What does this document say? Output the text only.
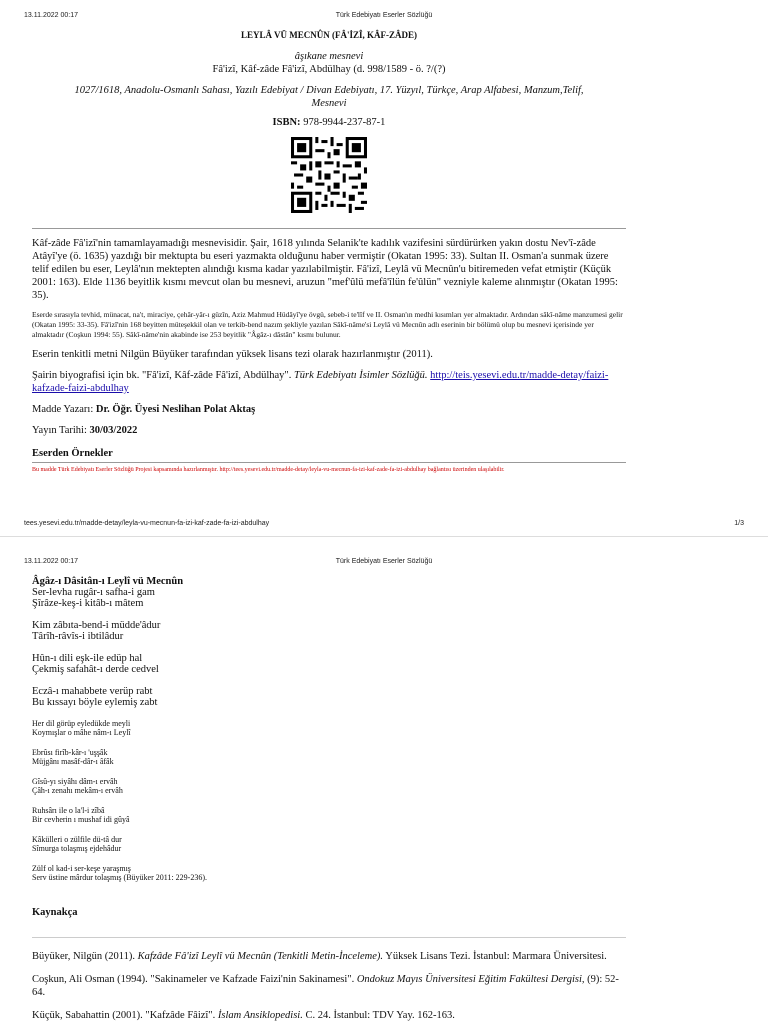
13.11.2022 00:17	Türk Edebiyatı Eserler Sözlüğü
LEYLÂ VÜ MECNÛN (FÂ'İZÎ, KÂF-ZÂDE)
âşıkane mesnevi
Fâ'izî, Kâf-zâde Fâ'izî, Abdülhay (d. 998/1589 - ö. ?/(?)
1027/1618, Anadolu-Osmanlı Sahası, Yazılı Edebiyat / Divan Edebiyatı, 17. Yüzyıl, Türkçe, Arap Alfabesi, Manzum,Telif, Mesnevi
ISBN: 978-9944-237-87-1

Kâf-zâde Fâ'izî'nin tamamlayamadığı mesnevisidir. Şair, 1618 yılında Selanik'te kadılık vazifesini sürdürürken yakın dostu Nev'î-zâde Atâyî'ye (ö. 1635) yazdığı bir mektupta bu eseri yazmakta olduğunu haber vermiştir (Okatan 1995: 33). Sultan II. Osman'a sunmak üzere telif edilen bu eser, Leylâ'nın mektepten alındığı kısma kadar yazılabilmiştir. Fâ'izî, Leylâ vü Mecnûn'u bitiremeden vefat etmiştir (Küçük 2001: 163). Elde 1136 beyitlik kısmı mevcut olan bu mesnevi, aruzun "mef'ûlü mefâ'îlün fe'ûlün" vezniyle kaleme alınmıştır (Okatan 1995: 35).

Eserde sırasıyla tevhid, münacat, na't, miraciye, çehâr-yâr-ı güzîn, Aziz Mahmud Hüdâyî'ye övgü, sebeb-i te'lîf ve II. Osman'ın medhi kısımları yer almaktadır. Ardından sâkî-nâme manzumesi gelir (Okatan 1995: 33-35). Fâ'izî'nin 168 beyitten müteşekkil olan ve terkib-bend nazım şekliyle yazılan Sâkî-nâme'si Leylâ vü Mecnûn adlı eserinin bir bölümü olup bu mesnevi içerisinde yer almaktadır (Coşkun 1994: 55). Sâkî-nâme'nin akabinde ise 253 beyitlik "Âgâz-ı dâstân" kısmı bulunur.

Eserin tenkitli metni Nilgün Büyüker tarafından yüksek lisans tezi olarak hazırlanmıştır (2011).

Şairin biyografisi için bk. "Fâ'izî, Kâf-zâde Fâ'izî, Abdülhay". Türk Edebiyatı İsimler Sözlüğü. http://teis.yesevi.edu.tr/madde-detay/faizi-kafzade-faizi-abdulhay

Madde Yazarı: Dr. Öğr. Üyesi Neslihan Polat Aktaş

Yayın Tarihi: 30/03/2022

Eserden Örnekler

Bu madde Türk Edebiyatı Eserler Sözlüğü Projesi kapsamında hazırlanmıştır. http://tees.yesevi.edu.tr/madde-detay/leyla-vu-mecnun-fa-izi-kaf-zade-fa-izi-abdulhay bağlantısı üzerinden ulaşılabilir.

tees.yesevi.edu.tr/madde-detay/leyla-vu-mecnun-fa-izi-kaf-zade-fa-izi-abdulhay	1/3
13.11.2022 00:17	Türk Edebiyatı Eserler Sözlüğü
Âgâz-ı Dâsitân-ı Leylî vü Mecnûn
Ser-levha rugâr-ı safha-i gam
Şîrâze-keş-i kitâb-ı mâtem
Kim zâbıta-bend-i müdde'âdur
Târîh-râvîs-i ibtilâdur
Hûn-ı dili eşk-ile edüp hal
Çekmiş safahât-ı derde cedvel
Eczâ-ı mahabbete verüp rabt
Bu kıssayı böyle eylemiş zabt
Her dil görüp eyledükde meyli
Koymışlar o mâhe nâm-ı Leylî
Ebrûsı firîb-kâr-ı 'uşşâk
Müjgânı masâf-dâr-ı âfâk
Gîsû-yı siyâhı dâm-ı ervâh
Çâh-ı zenahı mekâm-ı ervâh
Ruhsârı ile o la'l-i zîbâ
Bir cevherin ı mushaf idi gûyâ
Kâkülleri o zülfile dü-tâ dur
Sîmurga tolaşmış ejdehâdur
Zülf ol kad-i ser-keşe yaraşmış
Serv üstine mârdur tolaşmış (Büyüker 2011: 229-236).

Kaynakça

Büyüker, Nilgün (2011). Kafzâde Fâ'izî Leylî vü Mecnûn (Tenkitli Metin-İnceleme). Yüksek Lisans Tezi. İstanbul: Marmara Üniversitesi.

Coşkun, Ali Osman (1994). "Sakinameler ve Kafzade Faizi'nin Sakinamesi". Ondokuz Mayıs Üniversitesi Eğitim Fakültesi Dergisi, (9): 52-64.

Küçük, Sabahattin (2001). "Kafzâde Fâizî". İslam Ansiklopedisi. C. 24. İstanbul: TDV Yay. 162-163.
